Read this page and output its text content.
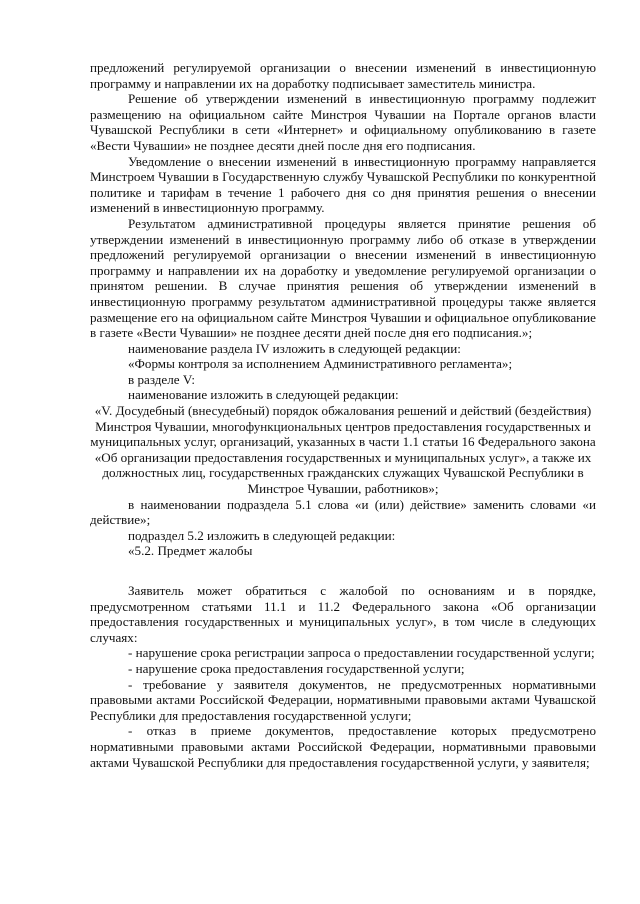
предложений регулируемой организации о внесении изменений в инвестиционную программу и направлении их на доработку подписывает заместитель министра.

Решение об утверждении изменений в инвестиционную программу подлежит размещению на официальном сайте Минстроя Чувашии на Портале органов власти Чувашской Республики в сети «Интернет» и официальному опубликованию в газете «Вести Чувашии» не позднее десяти дней после дня его подписания.

Уведомление о внесении изменений в инвестиционную программу направляется Минстроем Чувашии в Государственную службу Чувашской Республики по конкурентной политике и тарифам в течение 1 рабочего дня со дня принятия решения о внесении изменений в инвестиционную программу.

Результатом административной процедуры является принятие решения об утверждении изменений в инвестиционную программу либо об отказе в утверждении предложений регулируемой организации о внесении изменений в инвестиционную программу и направлении их на доработку и уведомление регулируемой организации о принятом решении. В случае принятия решения об утверждении изменений в инвестиционную программу результатом административной процедуры также является размещение его на официальном сайте Минстроя Чувашии и официальное опубликование в газете «Вести Чувашии» не позднее десяти дней после дня его подписания.»;

наименование раздела IV изложить в следующей редакции:

«Формы контроля за исполнением Административного регламента»;

в разделе V:

наименование изложить в следующей редакции:

«V. Досудебный (внесудебный) порядок обжалования решений и действий (бездействия) Минстроя Чувашии, многофункциональных центров предоставления государственных и муниципальных услуг, организаций, указанных в части 1.1 статьи 16 Федерального закона «Об организации предоставления государственных и муниципальных услуг», а также их должностных лиц, государственных гражданских служащих Чувашской Республики в Минстрое Чувашии, работников»;

в наименовании подраздела 5.1 слова «и (или) действие» заменить словами «и действие»;

подраздел 5.2 изложить в следующей редакции:

«5.2. Предмет жалобы

Заявитель может обратиться с жалобой по основаниям и в порядке, предусмотренном статьями 11.1 и 11.2 Федерального закона «Об организации предоставления государственных и муниципальных услуг», в том числе в следующих случаях:

- нарушение срока регистрации запроса о предоставлении государственной услуги;

- нарушение срока предоставления государственной услуги;

- требование у заявителя документов, не предусмотренных нормативными правовыми актами Российской Федерации, нормативными правовыми актами Чувашской Республики для предоставления государственной услуги;

- отказ в приеме документов, предоставление которых предусмотрено нормативными правовыми актами Российской Федерации, нормативными правовыми актами Чувашской Республики для предоставления государственной услуги, у заявителя;
